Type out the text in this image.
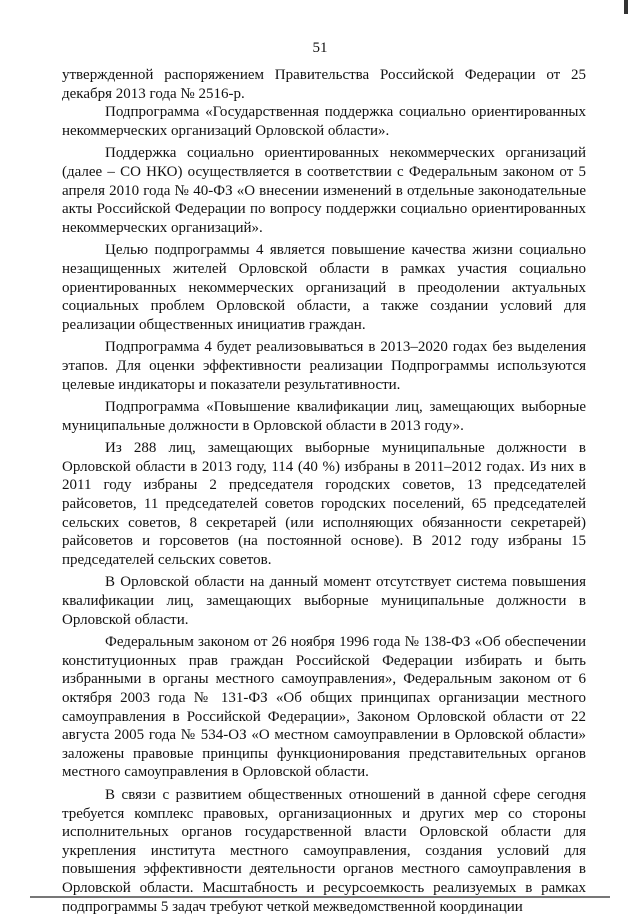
51

утвержденной распоряжением Правительства Российской Федерации от 25 декабря 2013 года № 2516-р.

Подпрограмма «Государственная поддержка социально ориентированных некоммерческих организаций Орловской области».

Поддержка социально ориентированных некоммерческих организаций (далее – СО НКО) осуществляется в соответствии с Федеральным законом от 5 апреля 2010 года № 40-ФЗ «О внесении изменений в отдельные законодательные акты Российской Федерации по вопросу поддержки социально ориентированных некоммерческих организаций».

Целью подпрограммы 4 является повышение качества жизни социально незащищенных жителей Орловской области в рамках участия социально ориентированных некоммерческих организаций в преодолении актуальных социальных проблем Орловской области, а также создании условий для реализации общественных инициатив граждан.

Подпрограмма 4 будет реализовываться в 2013–2020 годах без выделения этапов. Для оценки эффективности реализации Подпрограммы используются целевые индикаторы и показатели результативности.

Подпрограмма «Повышение квалификации лиц, замещающих выборные муниципальные должности в Орловской области в 2013 году».

Из 288 лиц, замещающих выборные муниципальные должности в Орловской области в 2013 году, 114 (40 %) избраны в 2011–2012 годах. Из них в 2011 году избраны 2 председателя городских советов, 13 председателей райсоветов, 11 председателей советов городских поселений, 65 председателей сельских советов, 8 секретарей (или исполняющих обязанности секретарей) райсоветов и горсоветов (на постоянной основе). В 2012 году избраны 15 председателей сельских советов.

В Орловской области на данный момент отсутствует система повышения квалификации лиц, замещающих выборные муниципальные должности в Орловской области.

Федеральным законом от 26 ноября 1996 года № 138-ФЗ «Об обеспечении конституционных прав граждан Российской Федерации избирать и быть избранными в органы местного самоуправления», Федеральным законом от 6 октября 2003 года № 131-ФЗ «Об общих принципах организации местного самоуправления в Российской Федерации», Законом Орловской области от 22 августа 2005 года № 534-ОЗ «О местном самоуправлении в Орловской области» заложены правовые принципы функционирования представительных органов местного самоуправления в Орловской области.

В связи с развитием общественных отношений в данной сфере сегодня требуется комплекс правовых, организационных и других мер со стороны исполнительных органов государственной власти Орловской области для укрепления института местного самоуправления, создания условий для повышения эффективности деятельности органов местного самоуправления в Орловской области. Масштабность и ресурсоемкость реализуемых в рамках подпрограммы 5 задач требуют четкой межведомственной координации
